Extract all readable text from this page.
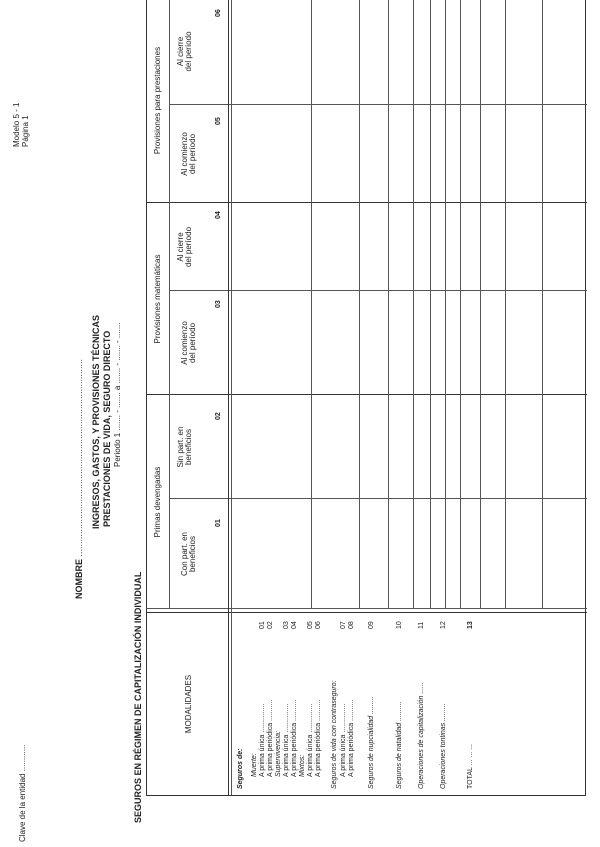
Clave de la entidad ............
Modelo 5 - 1 Página 1
NOMBRE ............................................................................... INGRESOS, GASTOS, Y PROVISIONES TÉCNICAS PRESTACIONES DE VIDA, SEGURO DIRECTO Periodo 1 ....... - ....... a ....... - ....... - .......
SEGUROS EN RÉGIMEN DE CAPITALIZACIÓN INDIVIDUAL
Primas devengadas
Provisiones matemáticas
Provisiones para prestaciones
MODALIDADES
Con part. en beneficios
01
Sin part. en beneficios
02
Al comienzo del período
03
Al cierre del período
04
Al comienzo del período
05
Al cierre del período
06
Seguros de: Muerte: A prima única ...............
01
A prima periódica ...........
02
Supervivencia: A prima única ...............
03
A prima periódica ...........
04
Mixtos: A prima única ...............
05
A prima periódica ...........
06
Seguros de vida con contraseguro: A prima única ...............
07
A prima periódica ...........
08
Seguros de nupcialidad .........
09
Seguros de natalidad ..........
10
Operaciones de capitalización ......
11
Operaciones tontinas .........
12
TOTAL ... ... ...
13
